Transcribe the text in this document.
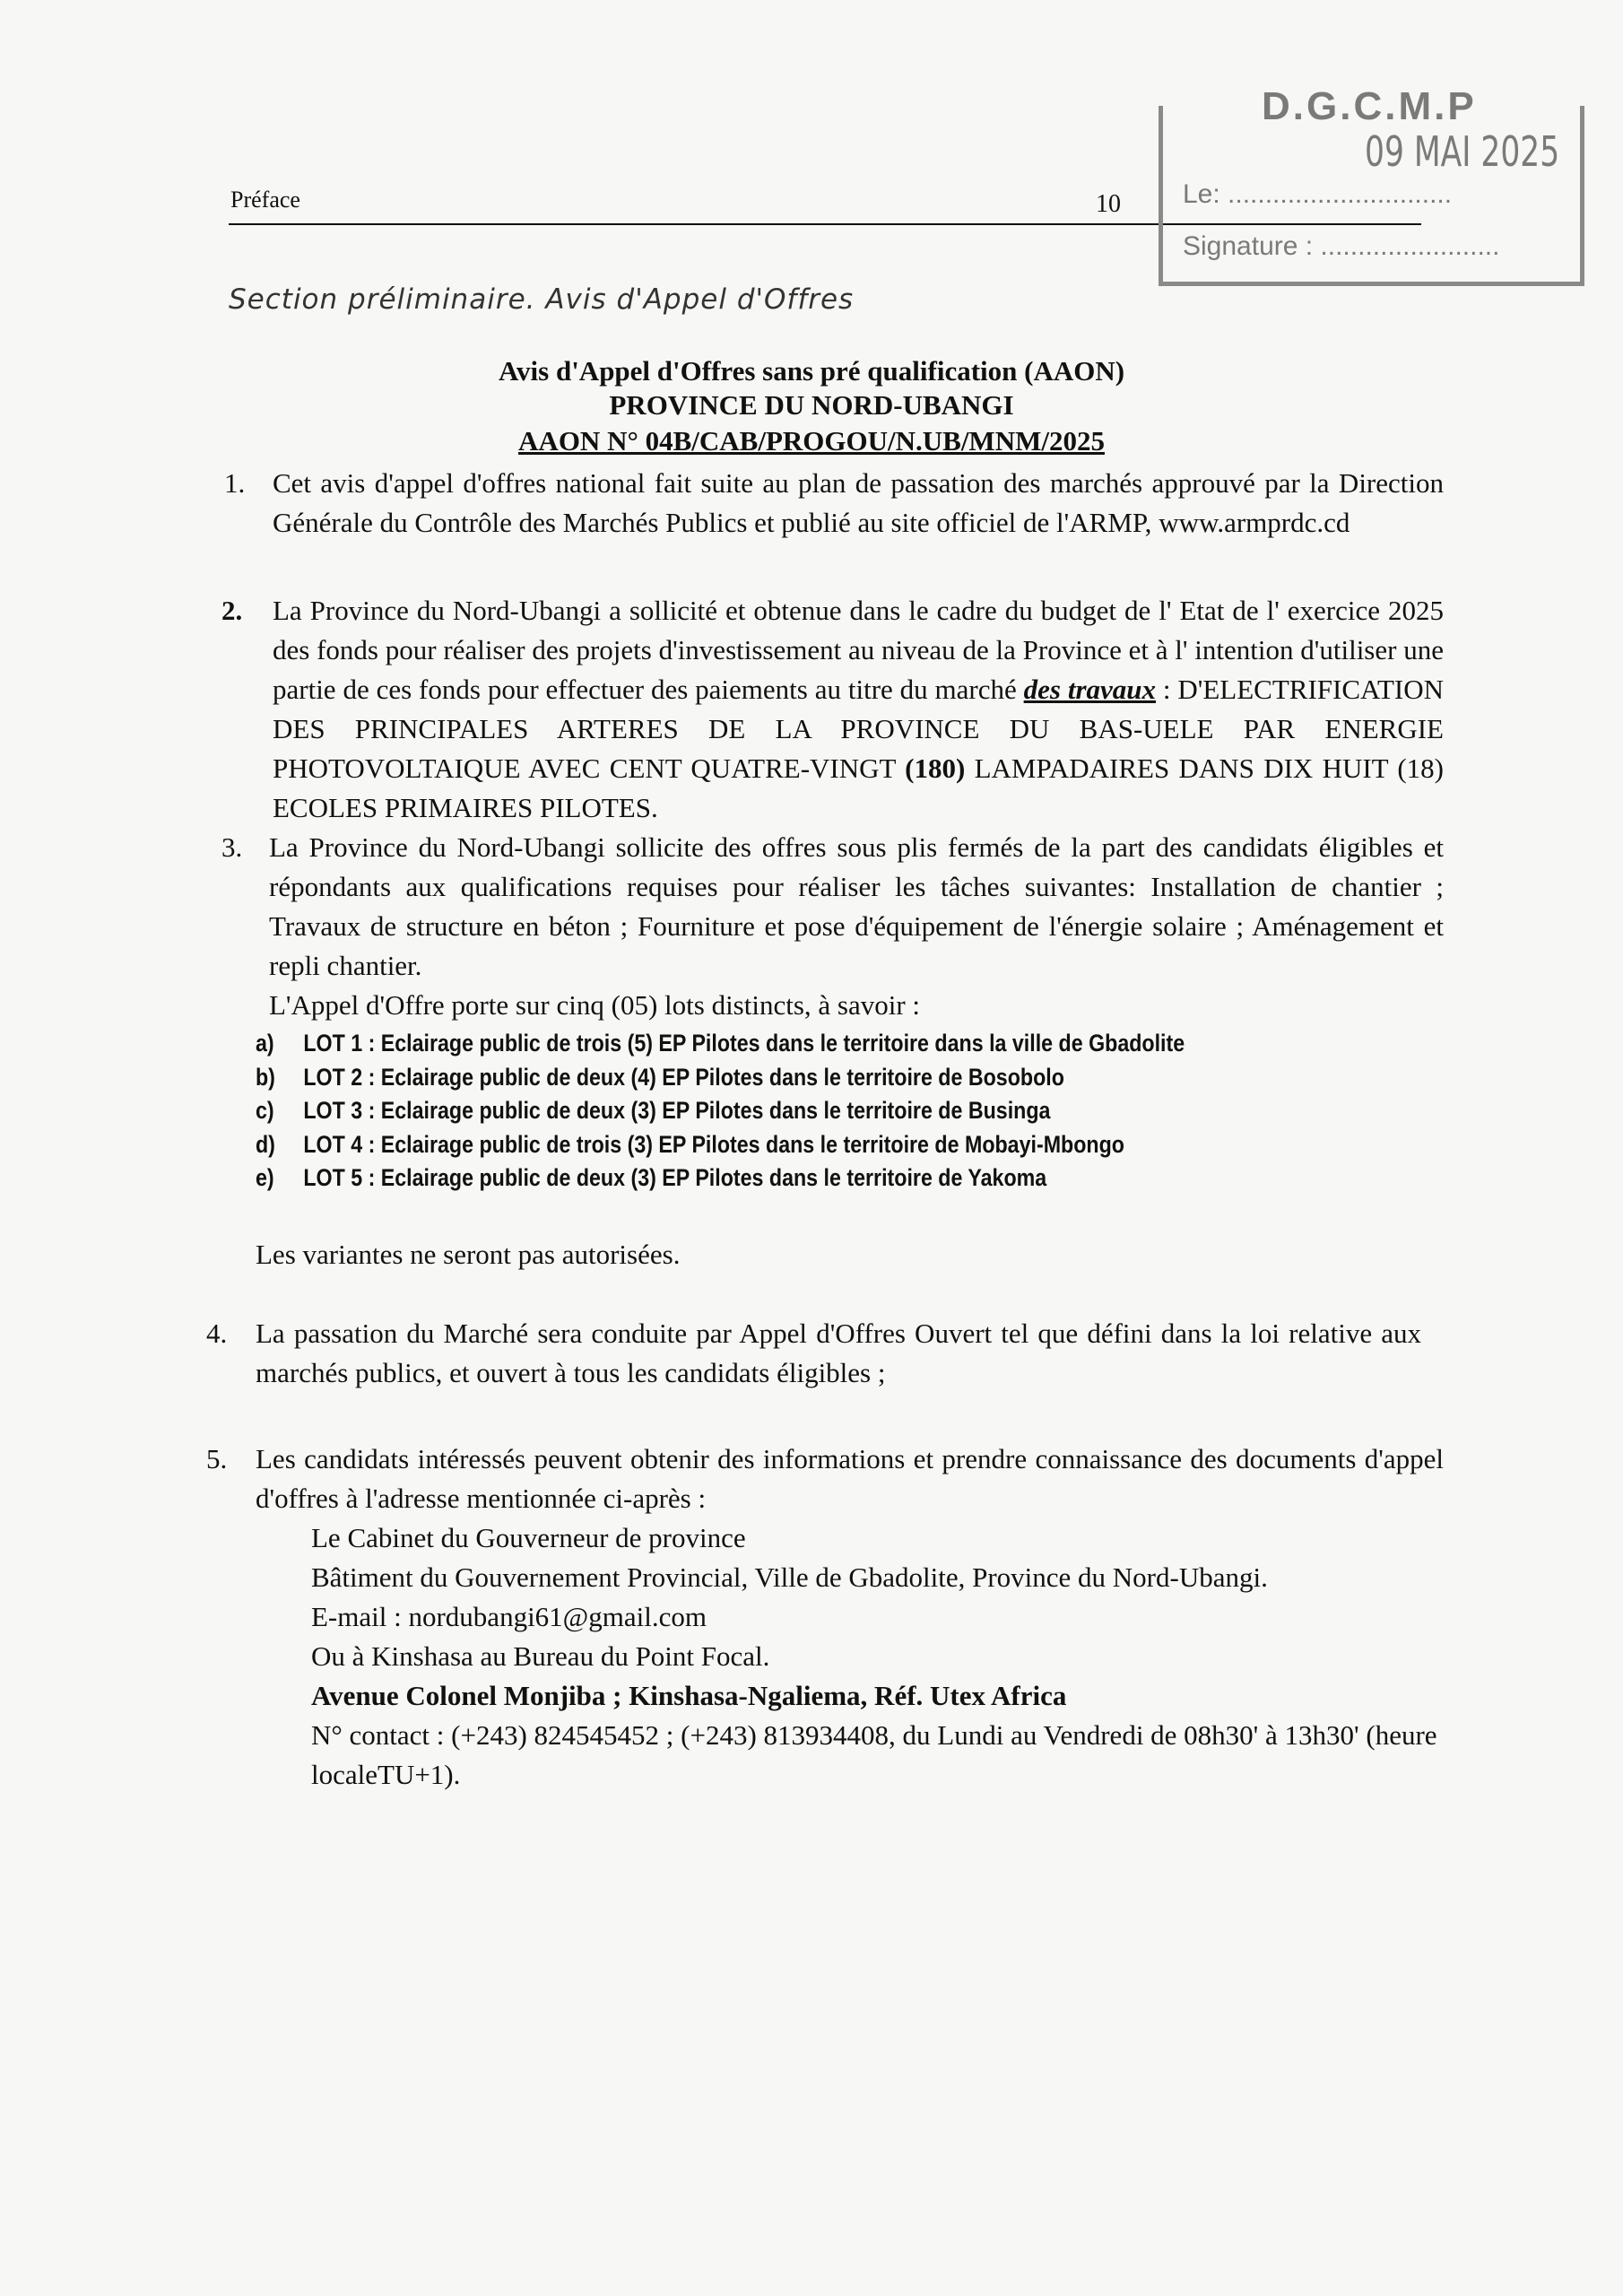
Préface
D.G.C.M.P
09 MAI 2025
Le: ..............................
Signature : ........................
10
Section préliminaire. Avis d'Appel d'Offres
Avis d'Appel d'Offres sans pré qualification (AAON)
PROVINCE DU NORD-UBANGI
AAON N° 04B/CAB/PROGOU/N.UB/MNM/2025
1. Cet avis d'appel d'offres national fait suite au plan de passation des marchés approuvé par la Direction Générale du Contrôle des Marchés Publics et publié au site officiel de l'ARMP, www.armprdc.cd
2.	La Province du Nord-Ubangi a sollicité et obtenue dans le cadre du budget de l' Etat de l' exercice 2025 des fonds pour réaliser des projets d'investissement au niveau de la Province et à l' intention d'utiliser une partie de ces fonds pour effectuer des paiements au titre du marché des travaux : D'ELECTRIFICATION DES PRINCIPALES ARTERES DE LA PROVINCE DU BAS-UELE PAR ENERGIE PHOTOVOLTAIQUE AVEC CENT QUATRE-VINGT (180) LAMPADAIRES DANS DIX HUIT (18) ECOLES PRIMAIRES PILOTES.
3. La Province du Nord-Ubangi sollicite des offres sous plis fermés de la part des candidats éligibles et répondants aux qualifications requises pour réaliser les tâches suivantes: Installation de chantier ; Travaux de structure en béton ; Fourniture et pose d'équipement de l'énergie solaire ; Aménagement et repli chantier.
L'Appel d'Offre porte sur cinq (05) lots distincts, à savoir :
a) LOT 1 : Eclairage public de trois (5) EP Pilotes dans le territoire dans la ville de Gbadolite
b) LOT 2 : Eclairage public de deux (4) EP Pilotes dans le territoire de Bosobolo
c) LOT 3 : Eclairage public de deux (3) EP Pilotes dans le territoire de Businga
d) LOT 4 : Eclairage public de trois (3) EP Pilotes dans le territoire de Mobayi-Mbongo
e) LOT 5 : Eclairage public de deux (3) EP Pilotes dans le territoire de Yakoma
Les variantes ne seront pas autorisées.
4.	La passation du Marché sera conduite par Appel d'Offres Ouvert tel que défini dans la loi relative aux marchés publics, et ouvert à tous les candidats éligibles ;
5.	Les candidats intéressés peuvent obtenir des informations et prendre connaissance des documents d'appel d'offres à l'adresse mentionnée ci-après :
Le Cabinet du Gouverneur de province
Bâtiment du Gouvernement Provincial, Ville de Gbadolite, Province du Nord-Ubangi.
E-mail : nordubangi61@gmail.com
Ou à Kinshasa au Bureau du Point Focal.
Avenue Colonel Monjiba ; Kinshasa-Ngaliema, Réf. Utex Africa
N° contact : (+243) 824545452 ; (+243) 813934408, du Lundi au Vendredi de 08h30' à 13h30' (heure localeTU+1).
